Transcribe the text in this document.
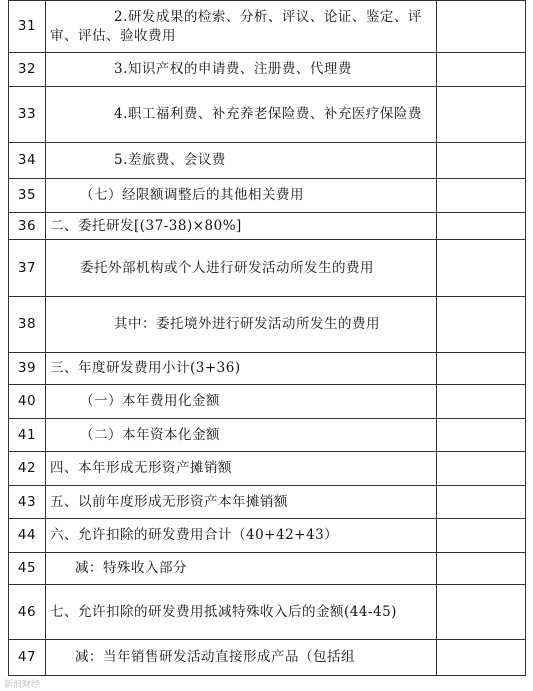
31	2.研发成果的检索、分析、评议、论证、鉴定、评审、评估、验收费用	

32	3.知识产权的申请费、注册费、代理费	

33	4.职工福利费、补充养老保险费、补充医疗保险费	

34	5.差旅费、会议费	

35	（七）经限额调整后的其他相关费用	

36	二、委托研发[(37-38)×80%]	
37	委托外部机构或个人进行研发活动所发生的费用	

38	其中：委托境外进行研发活动所发生的费用	

39	三、年度研发费用小计(3+36)	
40	（一）本年费用化金额	

41	（二）本年资本化金额	

42	四、本年形成无形资产摊销额	
43	五、以前年度形成无形资产本年摊销额	
44	六、允许扣除的研发费用合计（40+42+43）	
45	减：特殊收入部分	

46	七、允许扣除的研发费用抵减特殊收入后的金额(44-45)	
47	减：当年销售研发活动直接形成产品（包括组	

新浪财经
